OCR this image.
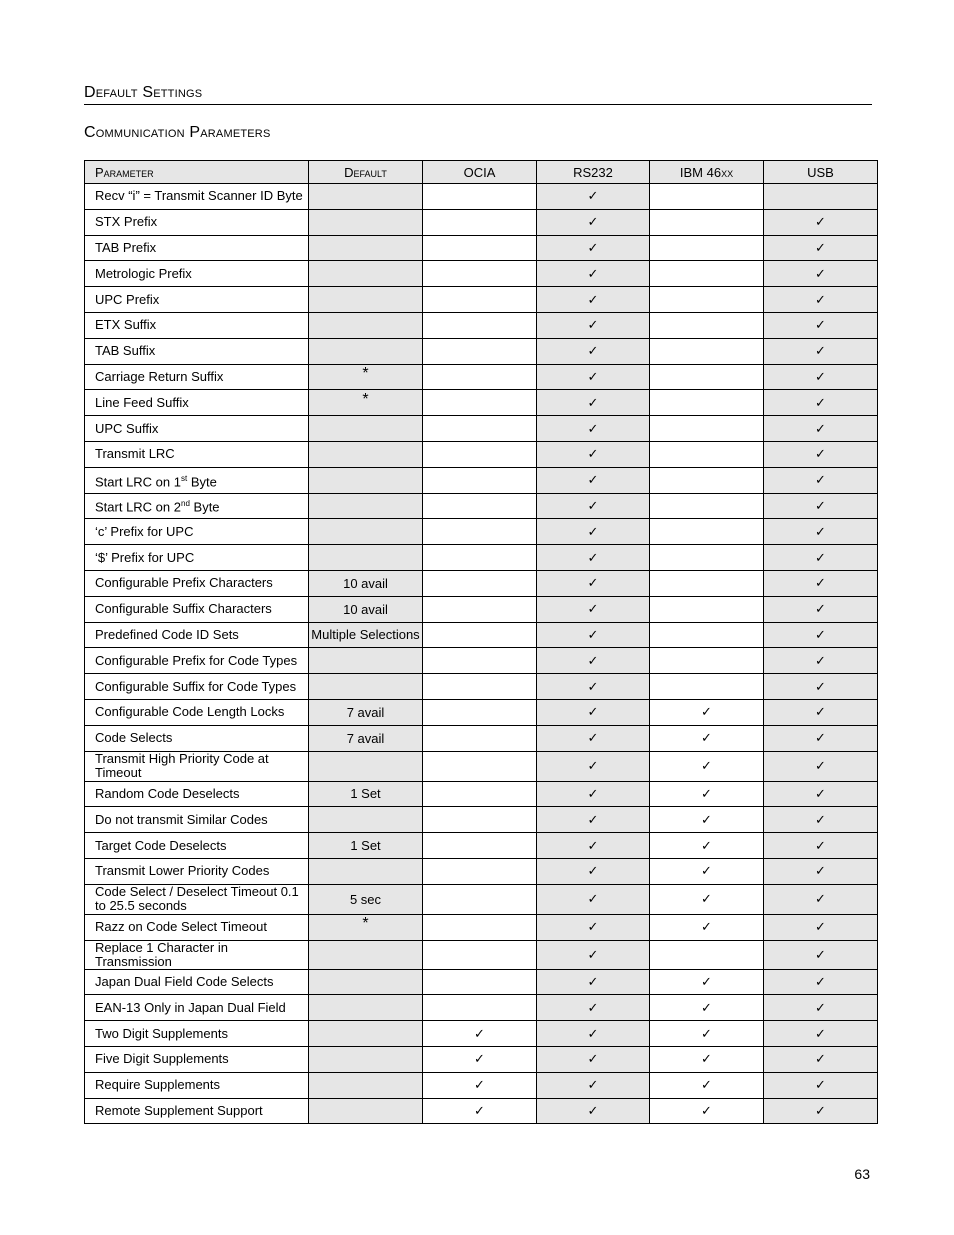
Default Settings
Communication Parameters
Parameter	Default	OCIA	RS232	IBM 46xx	USB
Recv “i” = Transmit Scanner ID Byte			✓		
STX Prefix			✓		✓
TAB Prefix			✓		✓
Metrologic Prefix			✓		✓
UPC Prefix			✓		✓
ETX Suffix			✓		✓
TAB Suffix			✓		✓
Carriage Return Suffix	*		✓		✓
Line Feed Suffix	*		✓		✓
UPC Suffix			✓		✓
Transmit LRC			✓		✓
Start LRC on 1st Byte			✓		✓
Start LRC on 2nd Byte			✓		✓
‘c’ Prefix for UPC			✓		✓
‘$’ Prefix for UPC			✓		✓
Configurable Prefix Characters	10 avail		✓		✓
Configurable Suffix Characters	10 avail		✓		✓
Predefined Code ID Sets	Multiple Selections		✓		✓
Configurable Prefix for Code Types			✓		✓
Configurable Suffix for Code Types			✓		✓
Configurable Code Length Locks	7 avail		✓	✓	✓
Code Selects	7 avail		✓	✓	✓
Transmit High Priority Code at Timeout			✓	✓	✓
Random Code Deselects	1 Set		✓	✓	✓
Do not transmit Similar Codes			✓	✓	✓
Target Code Deselects	1 Set		✓	✓	✓
Transmit Lower Priority Codes			✓	✓	✓
Code Select / Deselect Timeout 0.1 to 25.5 seconds	5 sec		✓	✓	✓
Razz on Code Select Timeout	*		✓	✓	✓
Replace 1 Character in Transmission			✓		✓
Japan Dual Field Code Selects			✓	✓	✓
EAN-13 Only in Japan Dual Field			✓	✓	✓
Two Digit Supplements		✓	✓	✓	✓
Five Digit Supplements		✓	✓	✓	✓
Require Supplements		✓	✓	✓	✓
Remote Supplement Support		✓	✓	✓	✓
63
